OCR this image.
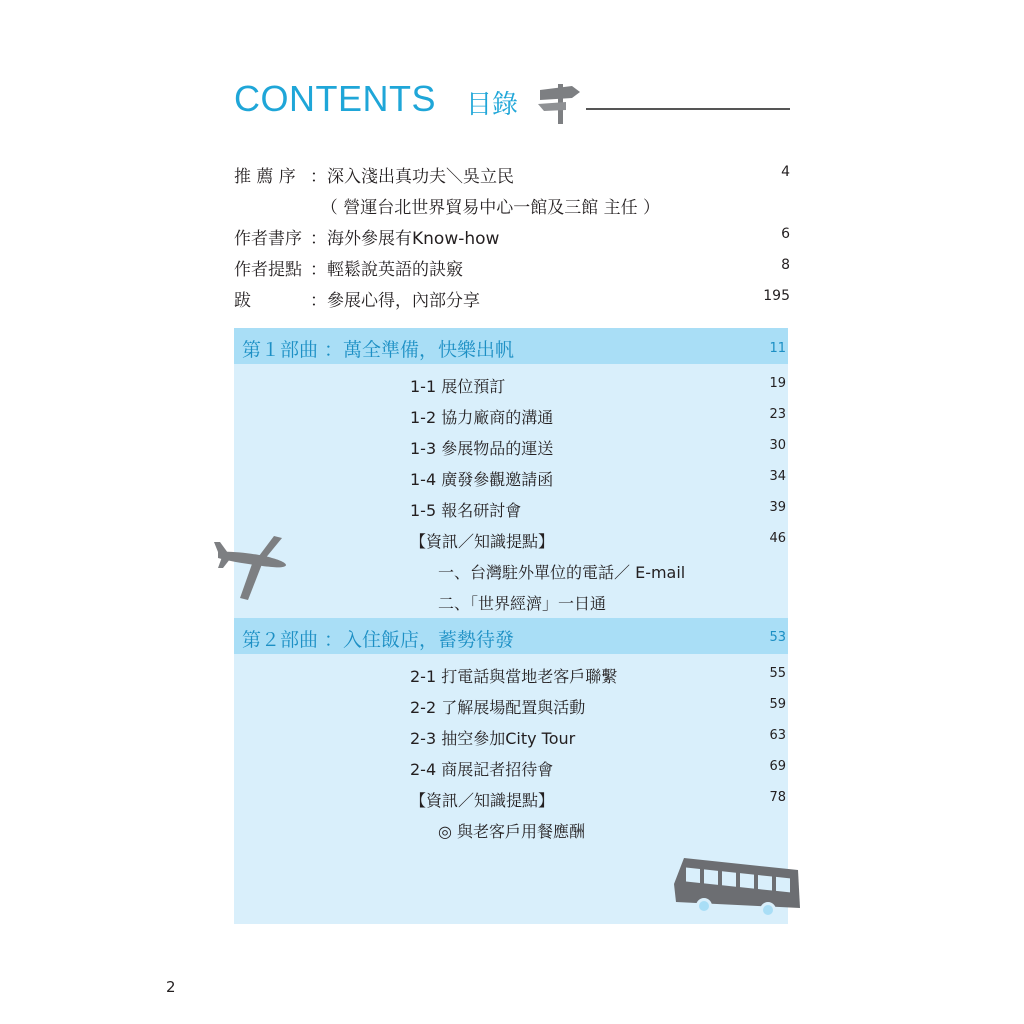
CONTENTS 目錄
推 薦 序 ：深入淺出真功夫＼吳立民	4
（ 營運台北世界貿易中心一館及三館 主任 ）
作者書序 ：海外參展有Know-how	6
作者提點 ：輕鬆說英語的訣竅	8
跋	：參展心得，內部分享	195
第１部曲 ：萬全準備，快樂出帆	11
1-1 展位預訂	19
1-2 協力廠商的溝通	23
1-3 參展物品的運送	30
1-4 廣發參觀邀請函	34
1-5 報名研討會	39
【資訊／知識提點】	46
一、台灣駐外單位的電話／ E-mail
二、「世界經濟」一日通
第２部曲 ：入住飯店，蓄勢待發	53
2-1 打電話與當地老客戶聯繫	55
2-2 了解展場配置與活動	59
2-3 抽空參加City Tour	63
2-4 商展記者招待會	69
【資訊／知識提點】	78
◎ 與老客戶用餐應酬
2
